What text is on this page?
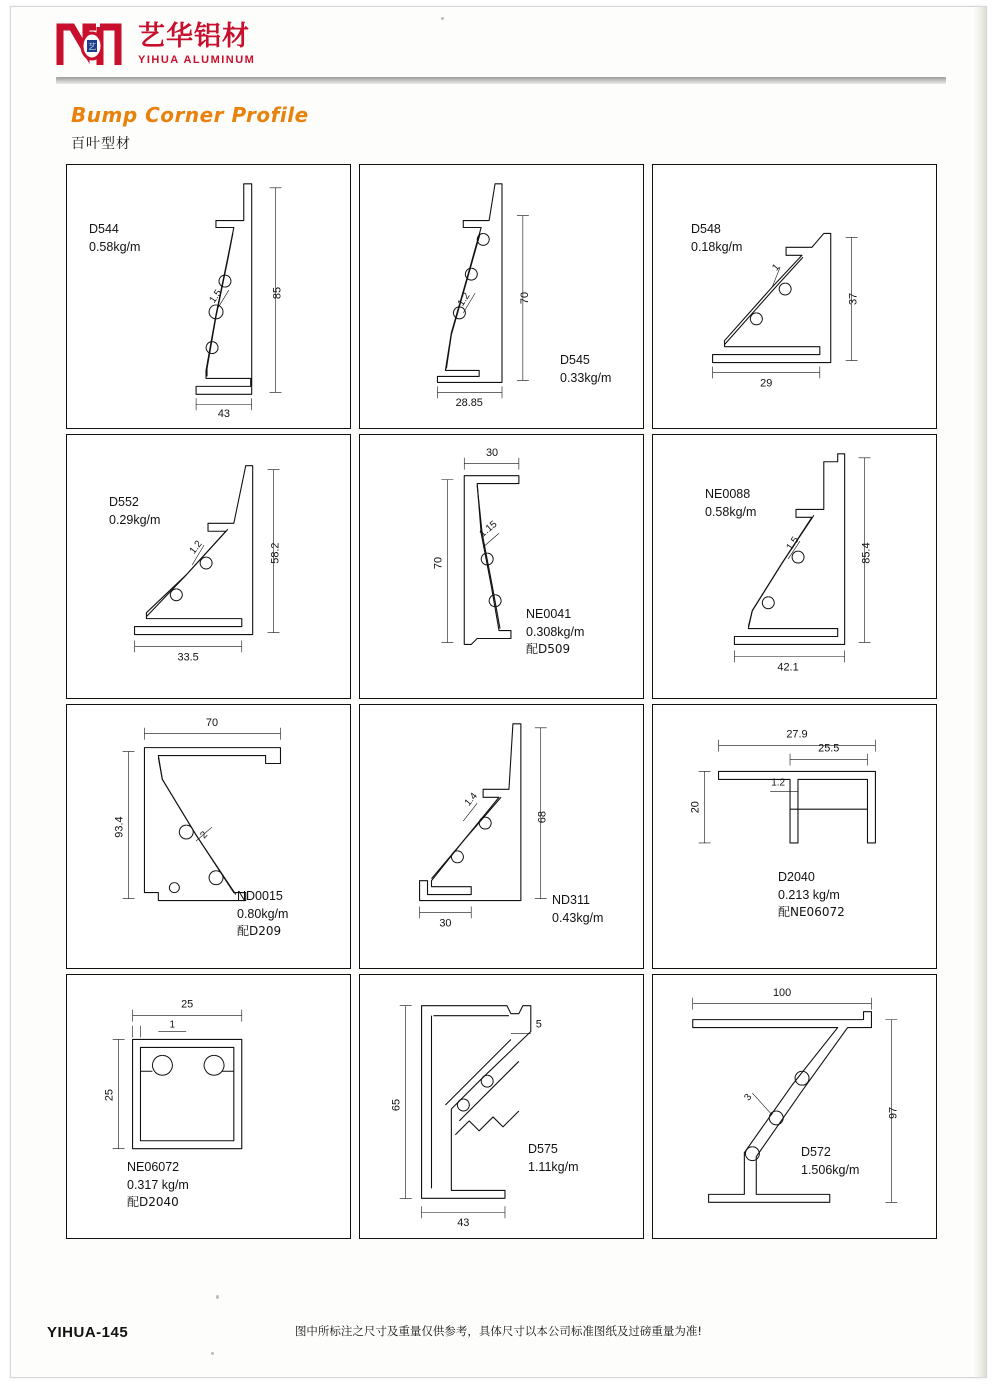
艺 艺华铝材
YIHUA ALUMINUM
Bump Corner Profile
百叶型材
85
43
1.5
D544
0.58kg/m
70
28.85
1.2
D545
0.33kg/m
37
29
1
D548
0.18kg/m
58.2
33.5
1.2
D552
0.29kg/m
30
70
1.15
NE0041
0.308kg/m
配D509
85.4
42.1
1.5
NE0088
0.58kg/m
70
93.4	2
ND0015
0.80kg/m
配D209
68
30
1.4
ND311
0.43kg/m
27.9
25.5
1.2
20
D2040
0.213 kg/m
配NE06072
25
25
1
NE06072
0.317 kg/m
配D2040
65
43
5
D575
1.11kg/m
100
97
3
D572
1.506kg/m
YIHUA-145	图中所标注之尺寸及重量仅供参考，具体尺寸以本公司标准图纸及过磅重量为准!
